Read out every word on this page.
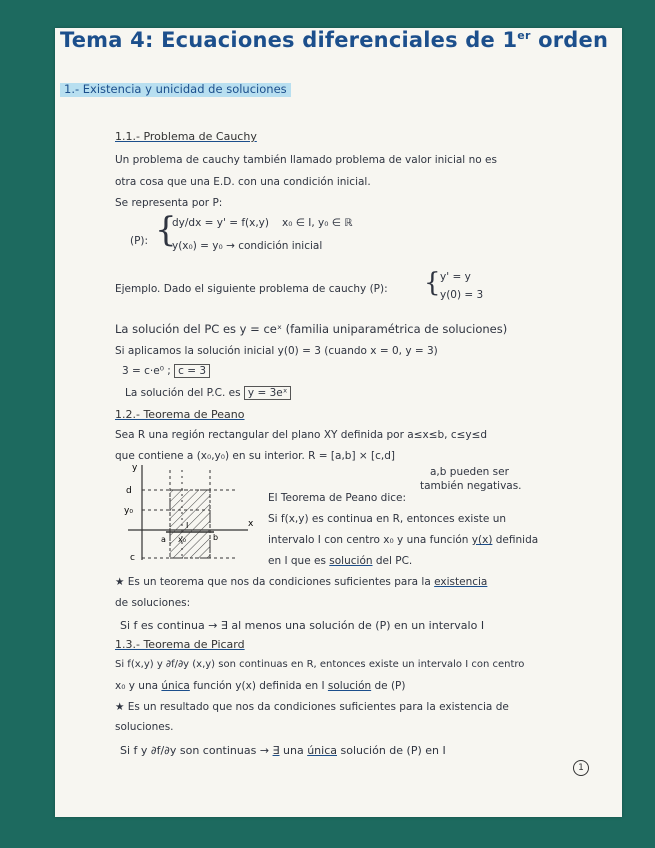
Tema 4: Ecuaciones diferenciales de 1er orden
1.- Existencia y unicidad de soluciones
1.1.- Problema de Cauchy
Un problema de cauchy también llamado problema de valor inicial no es
otra cosa que una E.D. con una condición inicial.
Se representa por P:
(P): {
dy/dx = y' = f(x,y) x₀ ∈ I, y₀ ∈ ℝ
y(x₀) = y₀ → condición inicial
Ejemplo. Dado el siguiente problema de cauchy (P): { y' = y
y(0) = 3
La solución del PC es y = ceˣ (familia uniparamétrica de soluciones)
Si aplicamos la solución inicial y(0) = 3 (cuando x = 0, y = 3)
3 = c·e⁰ ; c = 3
La solución del P.C. es y = 3eˣ
1.2.- Teorema de Peano
Sea R una región rectangular del plano XY definida por a≤x≤b, c≤y≤d
que contiene a (x₀,y₀) en su interior. R = [a,b] × [c,d]
a,b pueden ser
también negativas.
y
x
d
y₀
c
a x₀	b
I
El Teorema de Peano dice:
Si f(x,y) es continua en R, entonces existe un
intervalo I con centro x₀ y una función y(x) definida
en I que es solución del PC.
★ Es un teorema que nos da condiciones suficientes para la existencia
de soluciones:
Si f es continua → ∃ al menos una solución de (P) en un intervalo I
1.3.- Teorema de Picard
Si f(x,y) y ∂f/∂y (x,y) son continuas en R, entonces existe un intervalo I con centro
x₀ y una única función y(x) definida en I solución de (P)
★ Es un resultado que nos da condiciones suficientes para la existencia de
soluciones.
Si f y ∂f/∂y son continuas → ∃ una única solución de (P) en I
1
